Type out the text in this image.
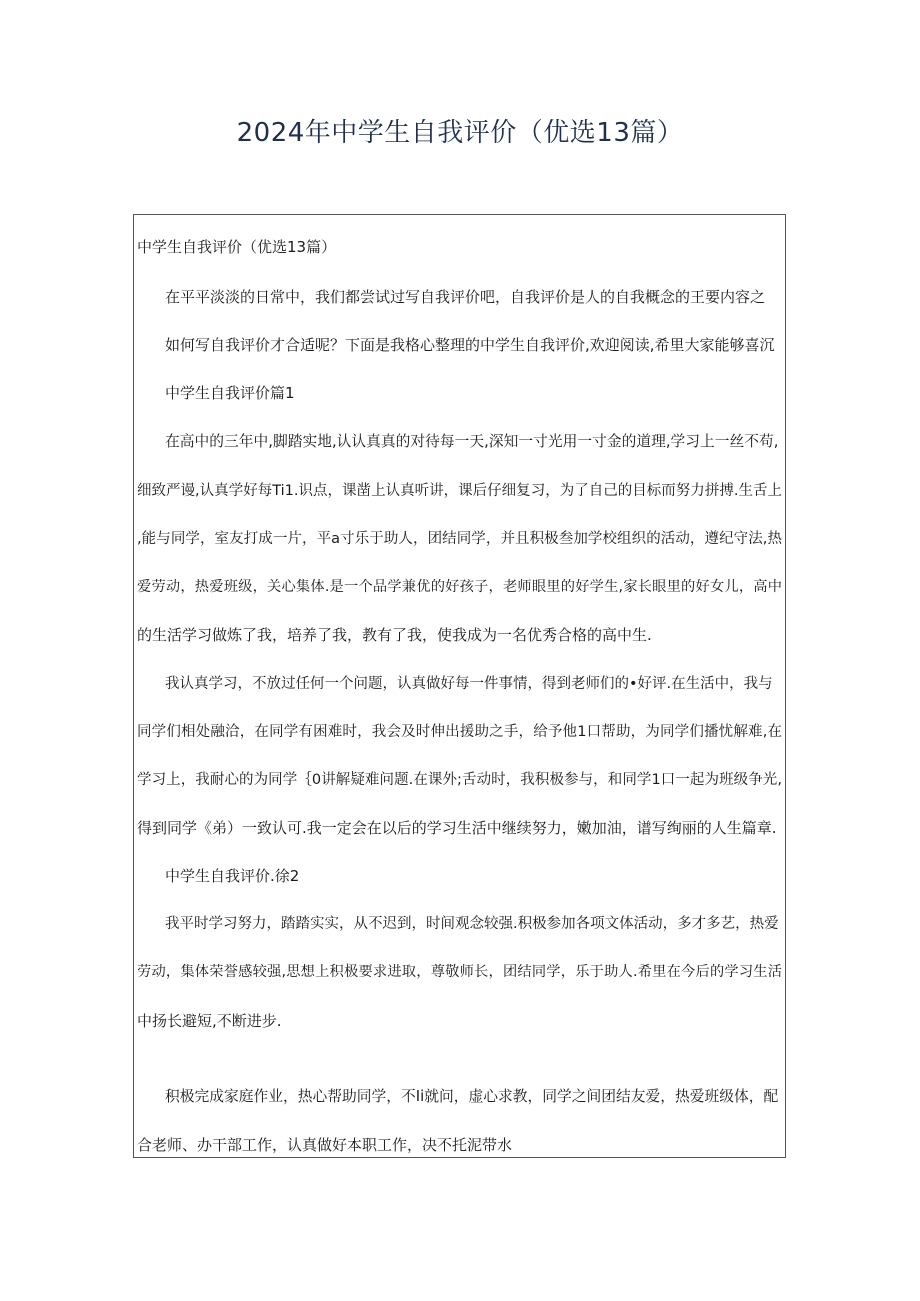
2024年中学生自我评价（优选13篇）
中学生自我评价（优选13篇）
在平平淡淡的日常中，我们都尝试过写自我评价吧，自我评价是人的自我概念的王要内容之
如何写自我评价才合适呢？下面是我格心整理的中学生自我评价,欢迎阅读,希里大家能够喜沉
中学生自我评价篇1
在高中的三年中,脚踏实地,认认真真的对待每一天,深知一寸光用一寸金的道理,学习上一丝不苟,
细致严谩,认真学好每Ti1.识点，课凿上认真听讲，课后仔细复习，为了自己的目标而努力拼搏.生舌上
,能与同学，室友打成一片，平a寸乐于助人，团结同学，并且积极叁加学校组织的活动，遵纪守法,热
爱劳动，热爱班级，关心集体.是一个品学兼优的好孩子，老师眼里的好学生,家长眼里的好女儿，高中
的生活学习做炼了我，培养了我，教有了我，使我成为一名优秀合格的高中生.
我认真学习，不放过任何一个问题，认真做好每一件事情，得到老师们的•好评.在生活中，我与
同学们相处融洽，在同学有困难时，我会及时伸出援助之手，给予他1口帮助，为同学们播忧解难,在
学习上，我耐心的为同学｛0讲解疑难问题.在课外;舌动时，我积极参与，和同学1口一起为班级争光,
得到同学《弟）一致认可.我一定会在以后的学习生活中继续努力，嫩加油，谱写绚丽的人生篇章.
中学生自我评价.徐2
我平时学习努力，踏踏实实，从不迟到，时间观念较强.积极参加各项文体活动，多才多艺，热爱
劳动，集体荣誉感较强,思想上积极要求进取，尊敬师长，团结同学，乐于助人.希里在今后的学习生活
中扬长避短,不断进步.
积极完成家庭作业，热心帮助同学，不Ii就问，虚心求教，同学之间团结友爱，热爱班级体，配
合老师、办干部工作，认真做好本职工作，决不托泥带水
